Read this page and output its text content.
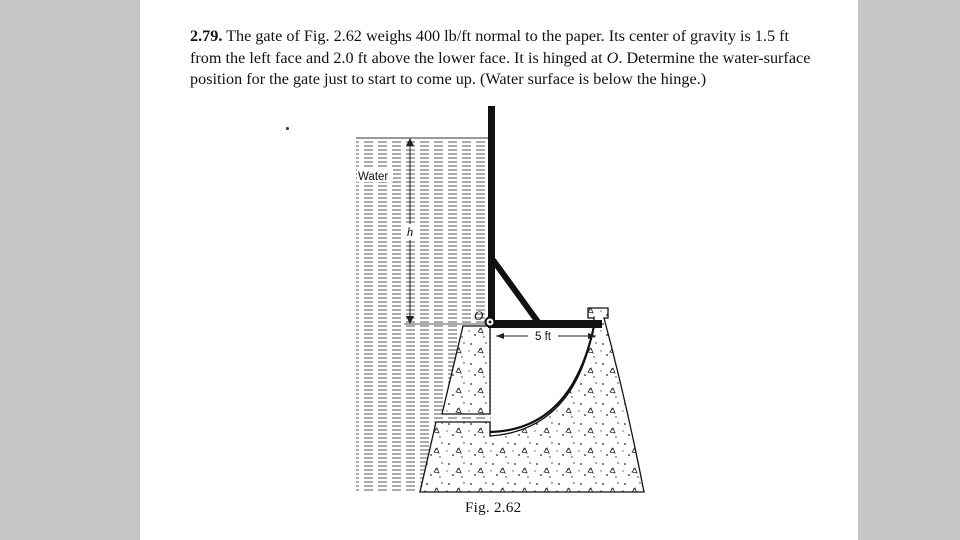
2.79. The gate of Fig. 2.62 weighs 400 lb/ft normal to the paper. Its center of gravity is 1.5 ft from the left face and 2.0 ft above the lower face. It is hinged at O. Determine the water-surface position for the gate just to start to come up. (Water surface is below the hinge.)

h
Water
O
5 ft
Fig. 2.62
